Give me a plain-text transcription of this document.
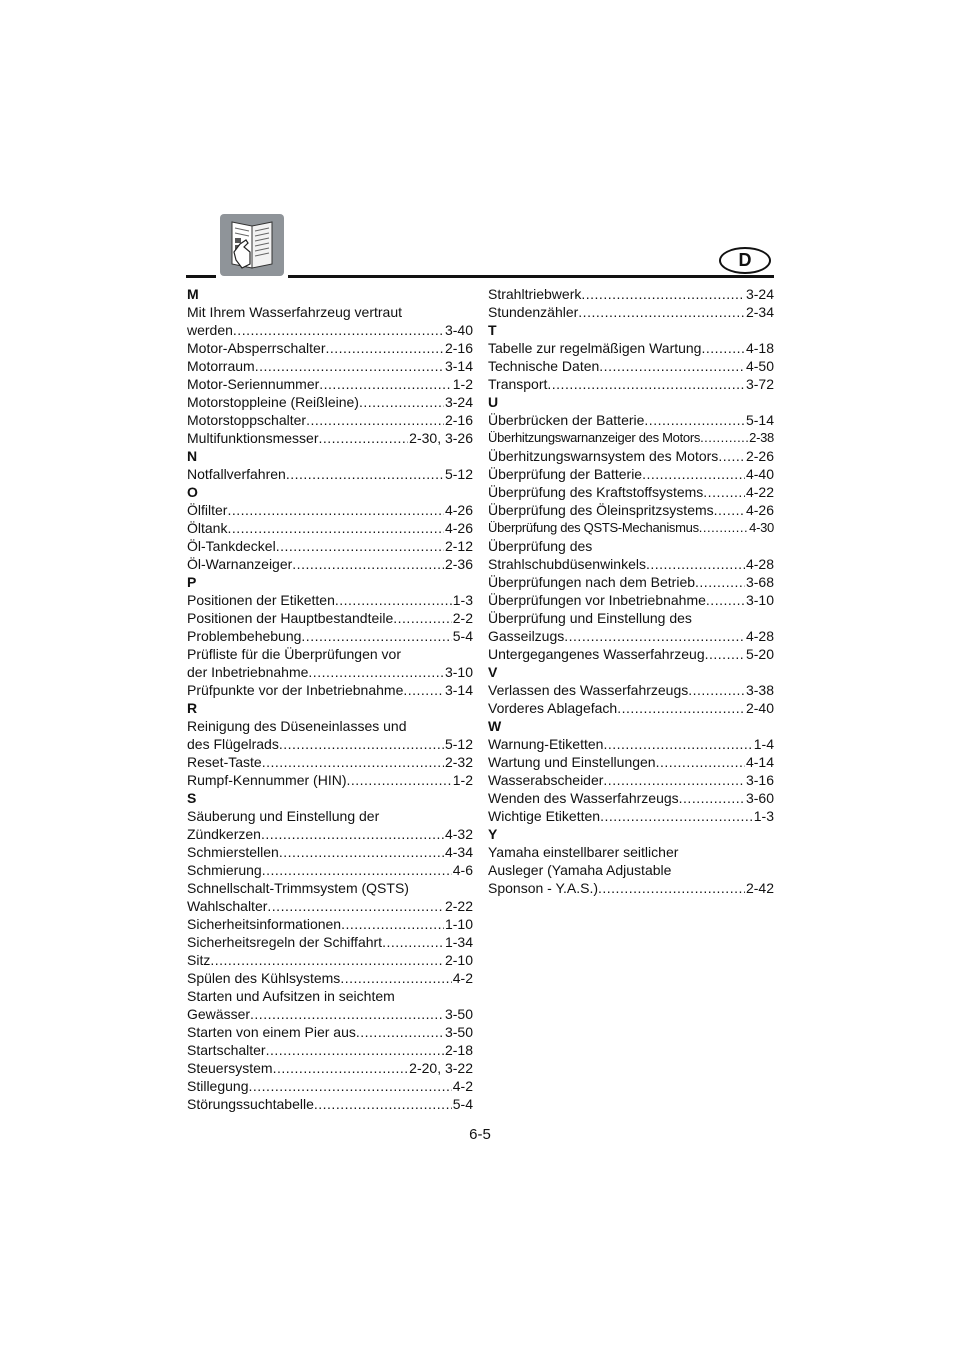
D
M
Mit Ihrem Wasserfahrzeug vertraut
werden .....	3-40
Motor-Absperrschalter .....	2-16
Motorraum .....	3-14
Motor-Seriennummer .....	1-2
Motorstoppleine (Reißleine) .....	3-24
Motorstoppschalter .....	2-16
Multifunktionsmesser .....	2-30, 3-26
N
Notfallverfahren .....	5-12
O
Ölfilter .....	4-26
Öltank .....	4-26
Öl-Tankdeckel .....	2-12
Öl-Warnanzeiger .....	2-36
P
Positionen der Etiketten .....	1-3
Positionen der Hauptbestandteile .....	2-2
Problembehebung .....	5-4
Prüfliste für die Überprüfungen vor
der Inbetriebnahme .....	3-10
Prüfpunkte vor der Inbetriebnahme .....	3-14
R
Reinigung des Düseneinlasses und
des Flügelrads .....	5-12
Reset-Taste .....	2-32
Rumpf-Kennummer (HIN) .....	1-2
S
Säuberung und Einstellung der
Zündkerzen .....	4-32
Schmierstellen .....	4-34
Schmierung .....	4-6
Schnellschalt-Trimmsystem (QSTS)
Wahlschalter .....	2-22
Sicherheitsinformationen .....	1-10
Sicherheitsregeln der Schiffahrt .....	1-34
Sitz .....	2-10
Spülen des Kühlsystems .....	4-2
Starten und Aufsitzen in seichtem
Gewässer .....	3-50
Starten von einem Pier aus .....	3-50
Startschalter .....	2-18
Steuersystem .....	2-20, 3-22
Stillegung .....	4-2
Störungssuchtabelle .....	5-4
Strahltriebwerk .....	3-24
Stundenzähler .....	2-34
T
Tabelle zur regelmäßigen Wartung .....	4-18
Technische Daten .....	4-50
Transport .....	3-72
U
Überbrücken der Batterie .....	5-14
Überhitzungswarnanzeiger des Motors .....	2-38
Überhitzungswarnsystem des Motors ..... 2-26
Überprüfung der Batterie .....	4-40
Überprüfung des Kraftstoffsystems .....	4-22
Überprüfung des Öleinspritzsystems ..... 4-26
Überprüfung des QSTS-Mechanismus .....	4-30
Überprüfung des
Strahlschubdüsenwinkels .....	4-28
Überprüfungen nach dem Betrieb .....	3-68
Überprüfungen vor Inbetriebnahme .....	3-10
Überprüfung und Einstellung des
Gasseilzugs .....	4-28
Untergegangenes Wasserfahrzeug .....	5-20
V
Verlassen des Wasserfahrzeugs .....	3-38
Vorderes Ablagefach .....	2-40
W
Warnung-Etiketten .....	1-4
Wartung und Einstellungen .....	4-14
Wasserabscheider .....	3-16
Wenden des Wasserfahrzeugs .....	3-60
Wichtige Etiketten .....	1-3
Y
Yamaha einstellbarer seitlicher
Ausleger (Yamaha Adjustable
Sponson - Y.A.S.) .....	2-42
6-5
